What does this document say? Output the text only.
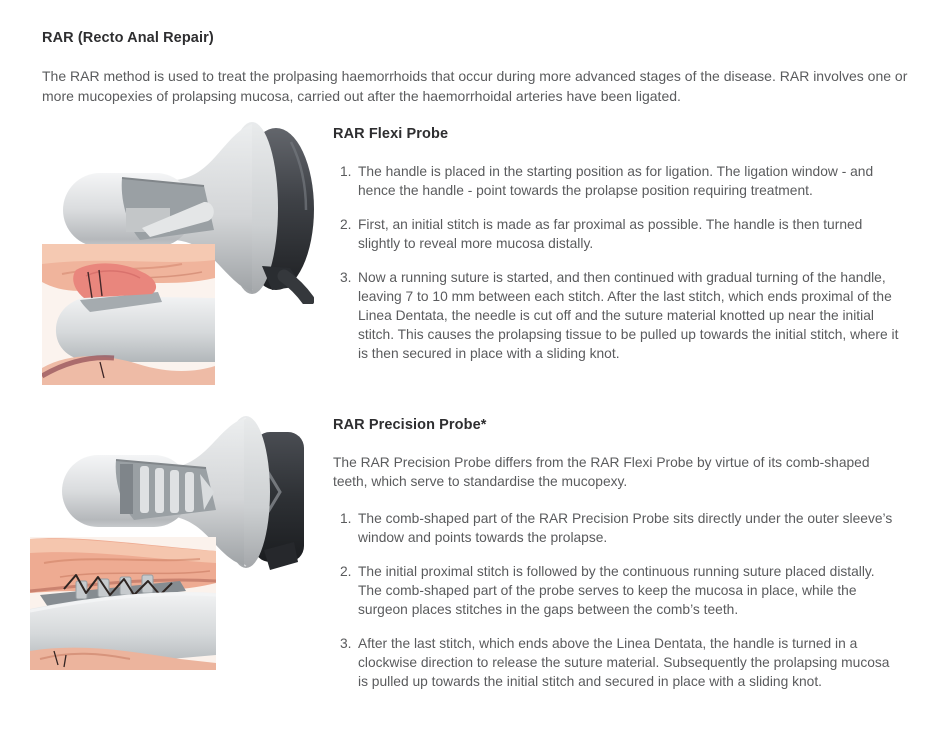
RAR (Recto Anal Repair)

The RAR method is used to treat the prolpasing haemorrhoids that occur during more advanced stages of the disease. RAR involves one or more mucopexies of prolapsing mucosa, carried out after the haemorrhoidal arteries have been ligated.

RAR Flexi Probe
1. The handle is placed in the starting position as for ligation. The ligation window - and hence the handle - point towards the prolapse position requiring treatment.
2. First, an initial stitch is made as far proximal as possible. The handle is then turned slightly to reveal more mucosa distally.
3. Now a running suture is started, and then continued with gradual turning of the handle, leaving 7 to 10 mm between each stitch. After the last stitch, which ends proximal of the Linea Dentata, the needle is cut off and the suture material knotted up near the initial stitch. This causes the prolapsing tissue to be pulled up towards the initial stitch, where it is then secured in place with a sliding knot.
RAR Precision Probe*

The RAR Precision Probe differs from the RAR Flexi Probe by virtue of its comb-shaped teeth, which serve to standardise the mucopexy.

1. The comb-shaped part of the RAR Precision Probe sits directly under the outer sleeve’s window and points towards the prolapse.
2. The initial proximal stitch is followed by the continuous running suture placed distally. The comb-shaped part of the probe serves to keep the mucosa in place, while the surgeon places stitches in the gaps between the comb’s teeth.
3. After the last stitch, which ends above the Linea Dentata, the handle is turned in a clockwise direction to release the suture material. Subsequently the prolapsing mucosa is pulled up towards the initial stitch and secured in place with a sliding knot.
